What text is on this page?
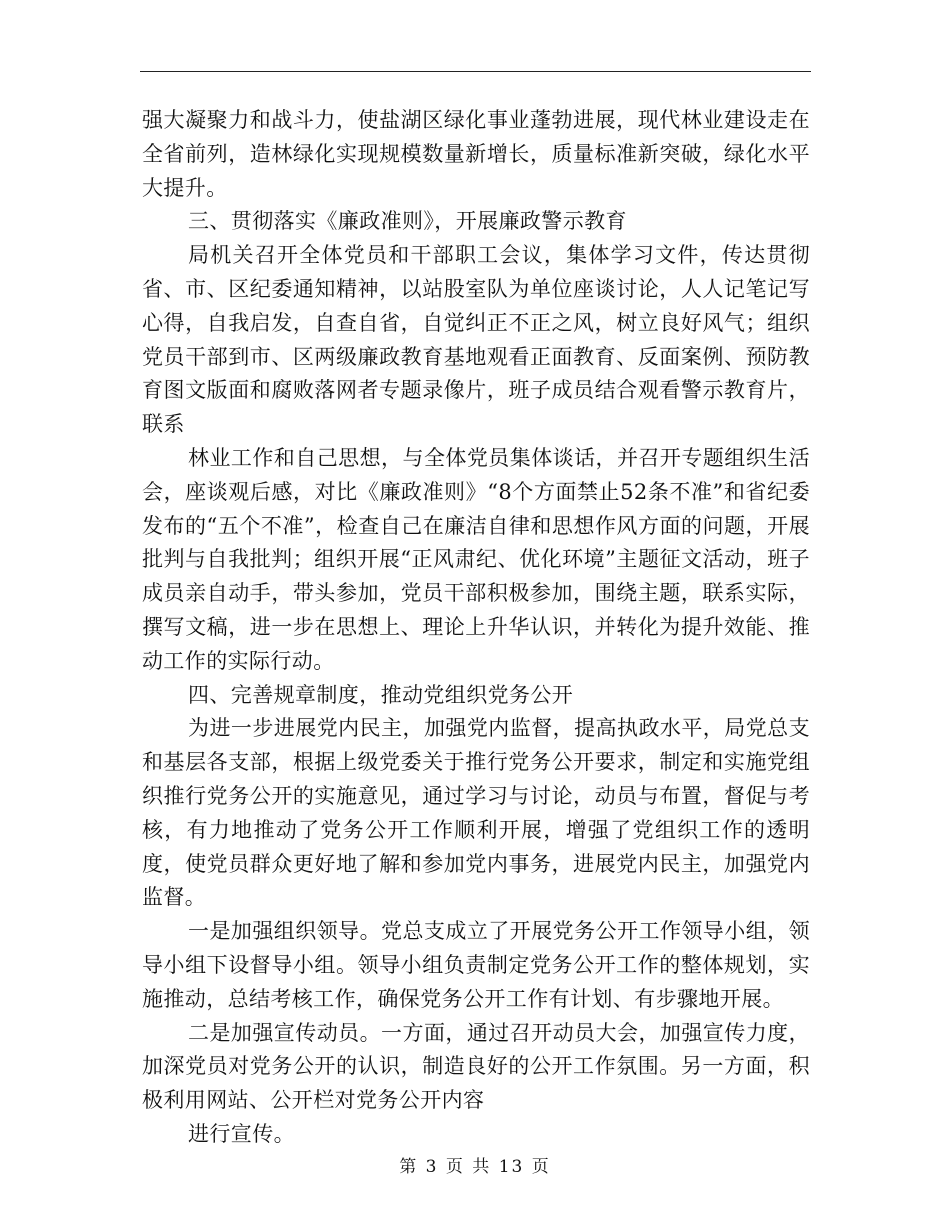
强大凝聚力和战斗力，使盐湖区绿化事业蓬勃进展，现代林业建设走在全省前列，造林绿化实现规模数量新增长，质量标准新突破，绿化水平大提升。

三、贯彻落实《廉政准则》，开展廉政警示教育

局机关召开全体党员和干部职工会议，集体学习文件，传达贯彻省、市、区纪委通知精神，以站股室队为单位座谈讨论，人人记笔记写心得，自我启发，自查自省，自觉纠正不正之风，树立良好风气；组织党员干部到市、区两级廉政教育基地观看正面教育、反面案例、预防教育图文版面和腐败落网者专题录像片，班子成员结合观看警示教育片，联系

林业工作和自己思想，与全体党员集体谈话，并召开专题组织生活会，座谈观后感，对比《廉政准则》“8个方面禁止52条不准”和省纪委发布的“五个不准”，检查自己在廉洁自律和思想作风方面的问题，开展批判与自我批判；组织开展“正风肃纪、优化环境”主题征文活动，班子成员亲自动手，带头参加，党员干部积极参加，围绕主题，联系实际，撰写文稿，进一步在思想上、理论上升华认识，并转化为提升效能、推动工作的实际行动。

四、完善规章制度，推动党组织党务公开

为进一步进展党内民主，加强党内监督，提高执政水平，局党总支和基层各支部，根据上级党委关于推行党务公开要求，制定和实施党组织推行党务公开的实施意见，通过学习与讨论，动员与布置，督促与考核，有力地推动了党务公开工作顺利开展，增强了党组织工作的透明度，使党员群众更好地了解和参加党内事务，进展党内民主，加强党内监督。

一是加强组织领导。党总支成立了开展党务公开工作领导小组，领导小组下设督导小组。领导小组负责制定党务公开工作的整体规划，实施推动，总结考核工作，确保党务公开工作有计划、有步骤地开展。

二是加强宣传动员。一方面，通过召开动员大会，加强宣传力度，加深党员对党务公开的认识，制造良好的公开工作氛围。另一方面，积极利用网站、公开栏对党务公开内容

进行宣传。

第 3 页 共 13 页
